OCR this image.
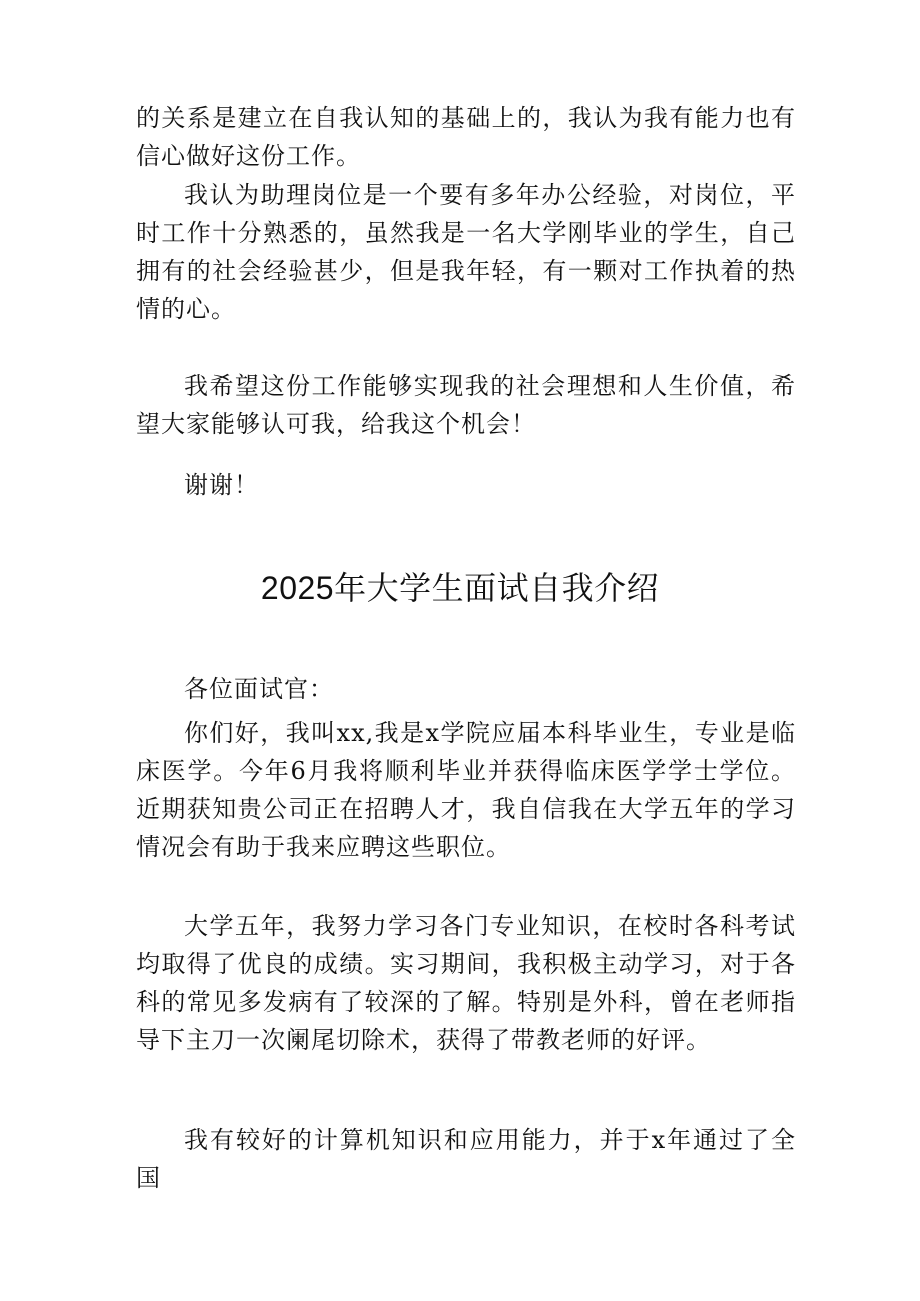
的关系是建立在自我认知的基础上的，我认为我有能力也有信心做好这份工作。

我认为助理岗位是一个要有多年办公经验，对岗位，平时工作十分熟悉的，虽然我是一名大学刚毕业的学生，自己拥有的社会经验甚少，但是我年轻，有一颗对工作执着的热情的心。

我希望这份工作能够实现我的社会理想和人生价值，希望大家能够认可我，给我这个机会！

谢谢！

2025年大学生面试自我介绍

各位面试官：

你们好，我叫xx,我是x学院应届本科毕业生，专业是临床医学。今年6月我将顺利毕业并获得临床医学学士学位。近期获知贵公司正在招聘人才，我自信我在大学五年的学习情况会有助于我来应聘这些职位。

大学五年，我努力学习各门专业知识，在校时各科考试均取得了优良的成绩。实习期间，我积极主动学习，对于各科的常见多发病有了较深的了解。特别是外科，曾在老师指导下主刀一次阑尾切除术，获得了带教老师的好评。

我有较好的计算机知识和应用能力，并于x年通过了全国
